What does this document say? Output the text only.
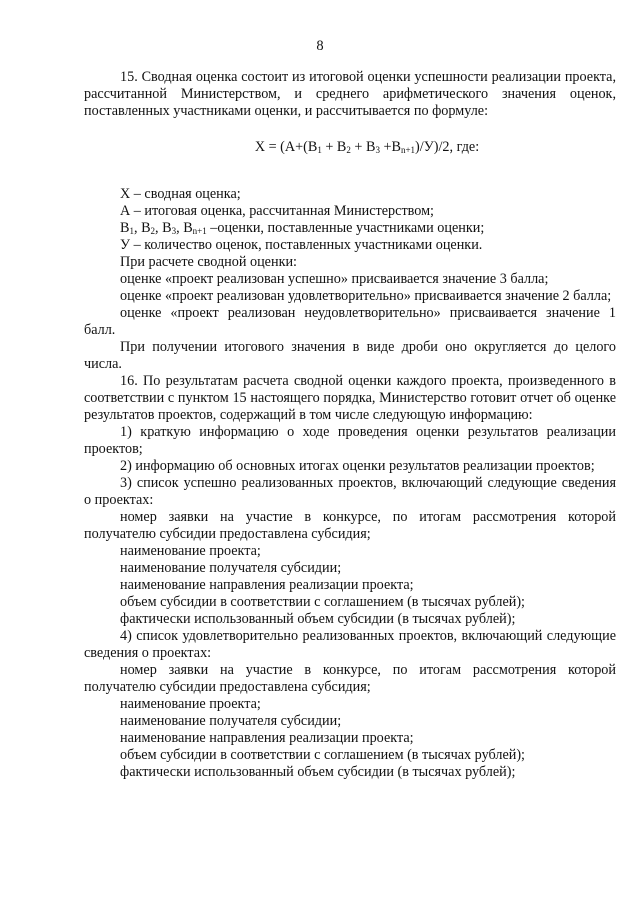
8

15. Сводная оценка состоит из итоговой оценки успешности реализации проекта, рассчитанной Министерством, и среднего арифметического значения оценок, поставленных участниками оценки, и рассчитывается по формуле:

$Х = (А+(В_1 + В_2 + В_3 +В_{n+1})/У)/2$, где:

Х – сводная оценка;

А – итоговая оценка, рассчитанная Министерством;

$В_1$, $В_2$, $В_3$, $В_{n+1}$ –оценки, поставленные участниками оценки;

У – количество оценок, поставленных участниками оценки.

При расчете сводной оценки:

оценке «проект реализован успешно» присваивается значение 3 балла;

оценке «проект реализован удовлетворительно» присваивается значение 2 балла;

оценке «проект реализован неудовлетворительно» присваивается значение 1 балл.

При получении итогового значения в виде дроби оно округляется до целого числа.

16. По результатам расчета сводной оценки каждого проекта, произведенного в соответствии с пунктом 15 настоящего порядка, Министерство готовит отчет об оценке результатов проектов, содержащий в том числе следующую информацию:

1) краткую информацию о ходе проведения оценки результатов реализации проектов;

2) информацию об основных итогах оценки результатов реализации проектов;

3) список успешно реализованных проектов, включающий следующие сведения о проектах:

номер заявки на участие в конкурсе, по итогам рассмотрения которой получателю субсидии предоставлена субсидия;

наименование проекта;

наименование получателя субсидии;

наименование направления реализации проекта;

объем субсидии в соответствии с соглашением (в тысячах рублей);

фактически использованный объем субсидии (в тысячах рублей);

4) список удовлетворительно реализованных проектов, включающий следующие сведения о проектах:

номер заявки на участие в конкурсе, по итогам рассмотрения которой получателю субсидии предоставлена субсидия;

наименование проекта;

наименование получателя субсидии;

наименование направления реализации проекта;

объем субсидии в соответствии с соглашением (в тысячах рублей);

фактически использованный объем субсидии (в тысячах рублей);
